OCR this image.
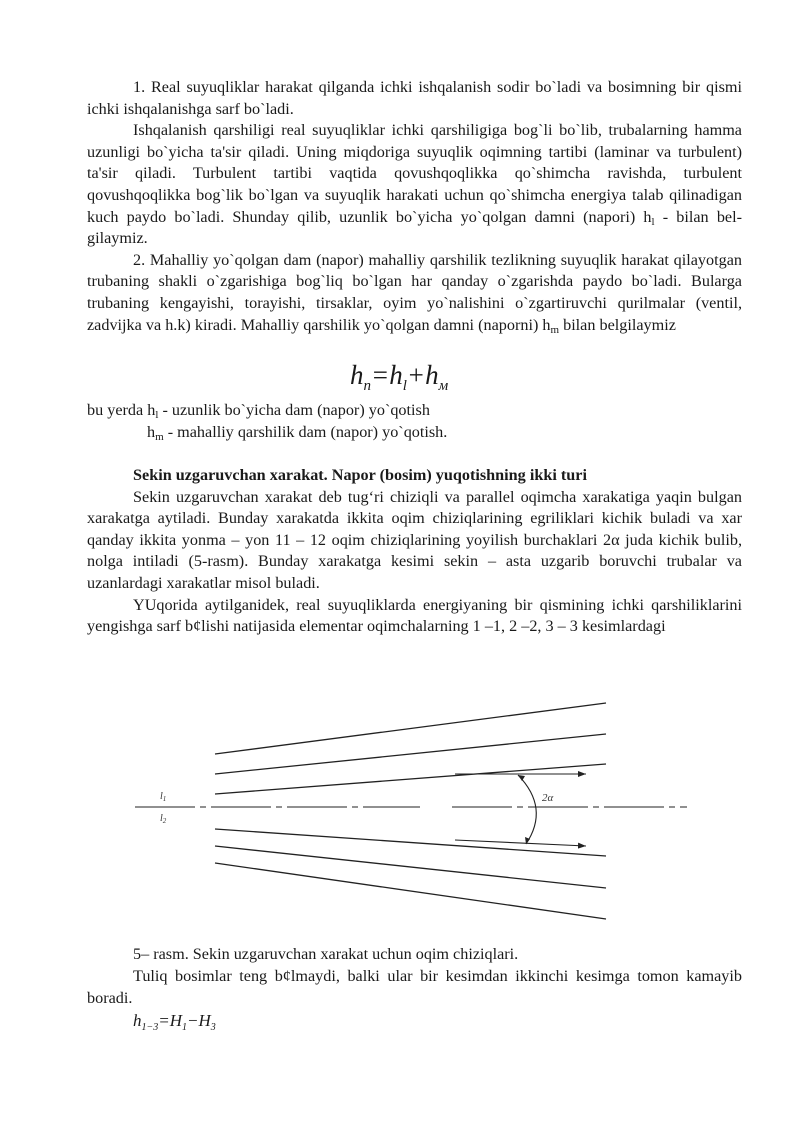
1. Real suyuqliklar harakat qilganda ichki ishqalanish sodir bo`ladi va bosimning bir qismi ichki ishqalanishga sarf bo`ladi.

Ishqalanish qarshiligi real suyuqliklar ichki qarshiligiga bog`li bo`lib, trubalarning hamma uzunligi bo`yicha ta'sir qiladi. Uning miqdoriga suyuqlik oqimning tartibi (laminar va turbulent) ta'sir qiladi. Turbulent tartibi vaqtida qovushqoqlikka qo`shimcha ravishda, turbulent qovushqoqlikka bog`lik bo`lgan va suyuqlik harakati uchun qo`shimcha energiya talab qilinadigan kuch paydo bo`ladi. Shunday qilib, uzunlik bo`yicha yo`qolgan damni (napori) $h_l$ - bilan bel-gilaymiz.

2. Mahalliy yo`qolgan dam (napor) mahalliy qarshilik tezlikning suyuqlik harakat qilayotgan trubaning shakli o`zgarishiga bog`liq bo`lgan har qanday o`zgarishda paydo bo`ladi. Bularga trubaning kengayishi, torayishi, tirsaklar, oyim yo`nalishini o`zgartiruvchi qurilmalar (ventil, zadvijka va h.k) kiradi. Mahalliy qarshilik yo`qolgan damni (naporni) $h_m$ bilan belgilaymiz

$h_n=h_l+h_м$
bu yerda $h_l$ - uzunlik bo`yicha dam (napor) yo`qotish
$h_m$ - mahalliy qarshilik dam (napor) yo`qotish.

Sekin uzgaruvchan xarakat. Napor (bosim) yuqotishning ikki turi

Sekin uzgaruvchan xarakat deb tug‘ri chiziqli va parallel oqimcha xarakatiga yaqin bulgan xarakatga aytiladi. Bunday xarakatda ikkita oqim chiziqlarining egriliklari kichik buladi va xar qanday ikkita yonma – yon 11 – 12 oqim chiziqlarining yoyilish burchaklari 2α juda kichik bulib, nolga intiladi (5-rasm). Bunday xarakatga kesimi sekin – asta uzgarib boruvchi trubalar va uzanlardagi xarakatlar misol buladi.

YUqorida aytilganidek, real suyuqliklarda energiyaning bir qismining ichki qarshiliklarini yengishga sarf b¢lishi natijasida elementar oqimchalarning 1 –1, 2 –2, 3 – 3 kesimlardagi

$l_1$
$l_2$
2α
5– rasm. Sekin uzgaruvchan xarakat uchun oqim chiziqlari.

Tuliq bosimlar teng b¢lmaydi, balki ular bir kesimdan ikkinchi kesimga tomon kamayib boradi.

$h_{1-3}=H_1-H_3$
